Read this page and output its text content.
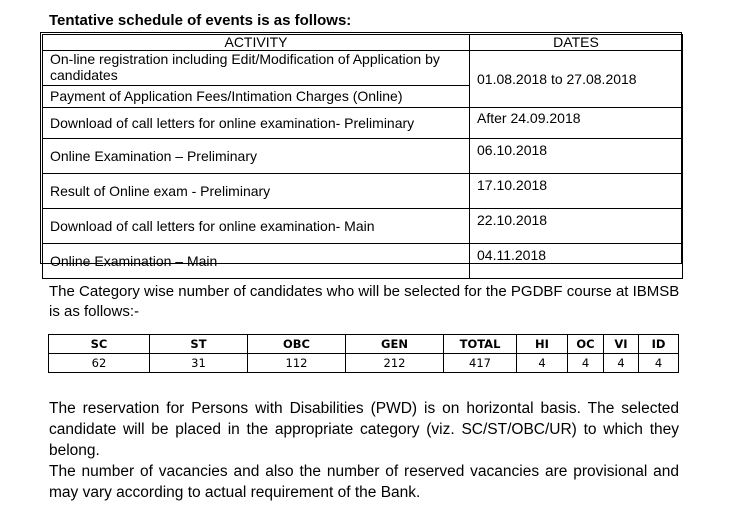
Tentative schedule of events is as follows:
ACTIVITY	DATES
On-line registration including Edit/Modification of Application by candidates	01.08.2018 to 27.08.2018
Payment of Application Fees/Intimation Charges (Online)	
Download of call letters for online examination- Preliminary	After 24.09.2018
Online Examination – Preliminary	06.10.2018
Result of Online exam - Preliminary	17.10.2018
Download of call letters for online examination- Main	22.10.2018
Online Examination – Main	04.11.2018
The Category wise number of candidates who will be selected for the PGDBF course at IBMSB is as follows:-
SC	ST	OBC	GEN	TOTAL	HI	OC	VI	ID
62	31	112	212	417	4	4	4	4

The reservation for Persons with Disabilities (PWD) is on horizontal basis. The selected candidate will be placed in the appropriate category (viz. SC/ST/OBC/UR) to which they belong.

The number of vacancies and also the number of reserved vacancies are provisional and may vary according to actual requirement of the Bank.
